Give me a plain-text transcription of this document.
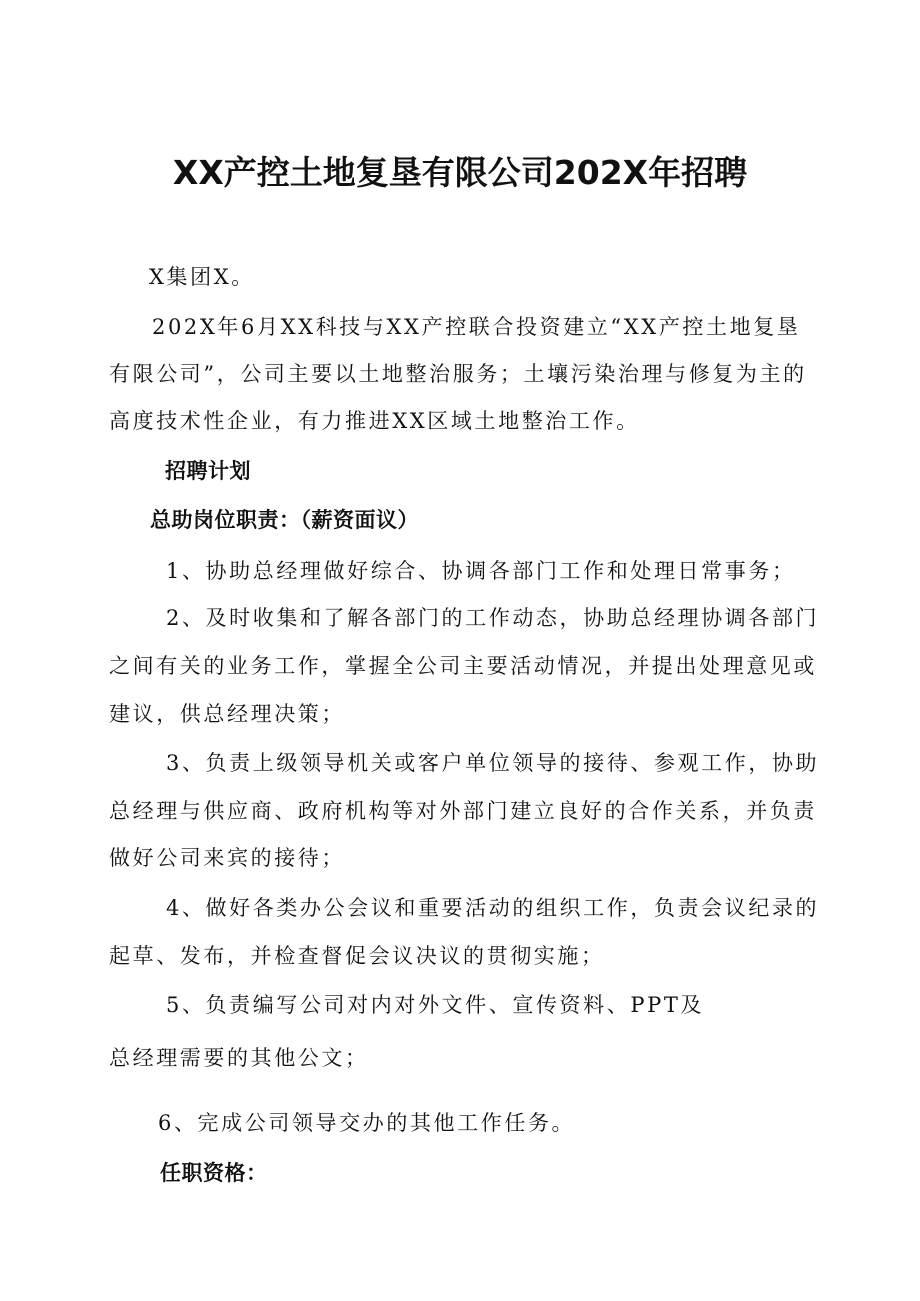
XX产控土地复垦有限公司202X年招聘
X集团X。
202X年6月XX科技与XX产控联合投资建立“XX产控土地复垦
有限公司”，公司主要以土地整治服务；土壤污染治理与修复为主的
高度技术性企业，有力推进XX区域土地整治工作。
招聘计划
总助岗位职责：（薪资面议）
1、协助总经理做好综合、协调各部门工作和处理日常事务；
2、及时收集和了解各部门的工作动态，协助总经理协调各部门
之间有关的业务工作，掌握全公司主要活动情况，并提出处理意见或
建议，供总经理决策；
3、负责上级领导机关或客户单位领导的接待、参观工作，协助
总经理与供应商、政府机构等对外部门建立良好的合作关系，并负责
做好公司来宾的接待；
4、做好各类办公会议和重要活动的组织工作，负责会议纪录的
起草、发布，并检查督促会议决议的贯彻实施；
5、负责编写公司对内对外文件、宣传资料、PPT及
总经理需要的其他公文；
6、完成公司领导交办的其他工作任务。
任职资格：
